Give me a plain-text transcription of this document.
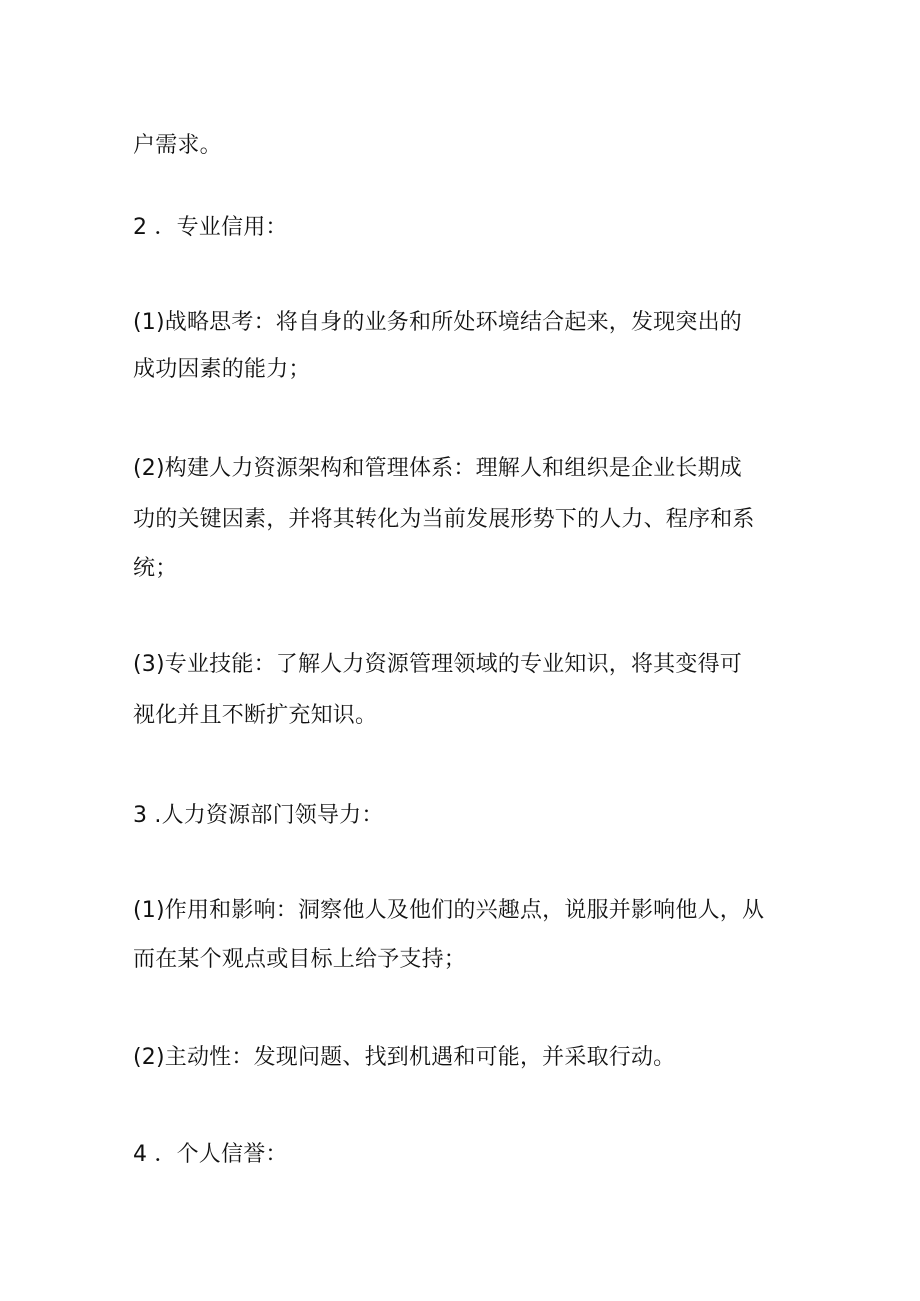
户需求。
2 ．专业信用：
(1)战略思考：将自身的业务和所处环境结合起来，发现突出的
成功因素的能力；
(2)构建人力资源架构和管理体系：理解人和组织是企业长期成
功的关键因素，并将其转化为当前发展形势下的人力、程序和系
统；
(3)专业技能：了解人力资源管理领域的专业知识，将其变得可
视化并且不断扩充知识。
3 .人力资源部门领导力：
(1)作用和影响：洞察他人及他们的兴趣点，说服并影响他人，从
而在某个观点或目标上给予支持；
(2)主动性：发现问题、找到机遇和可能，并采取行动。
4 ．个人信誉：
